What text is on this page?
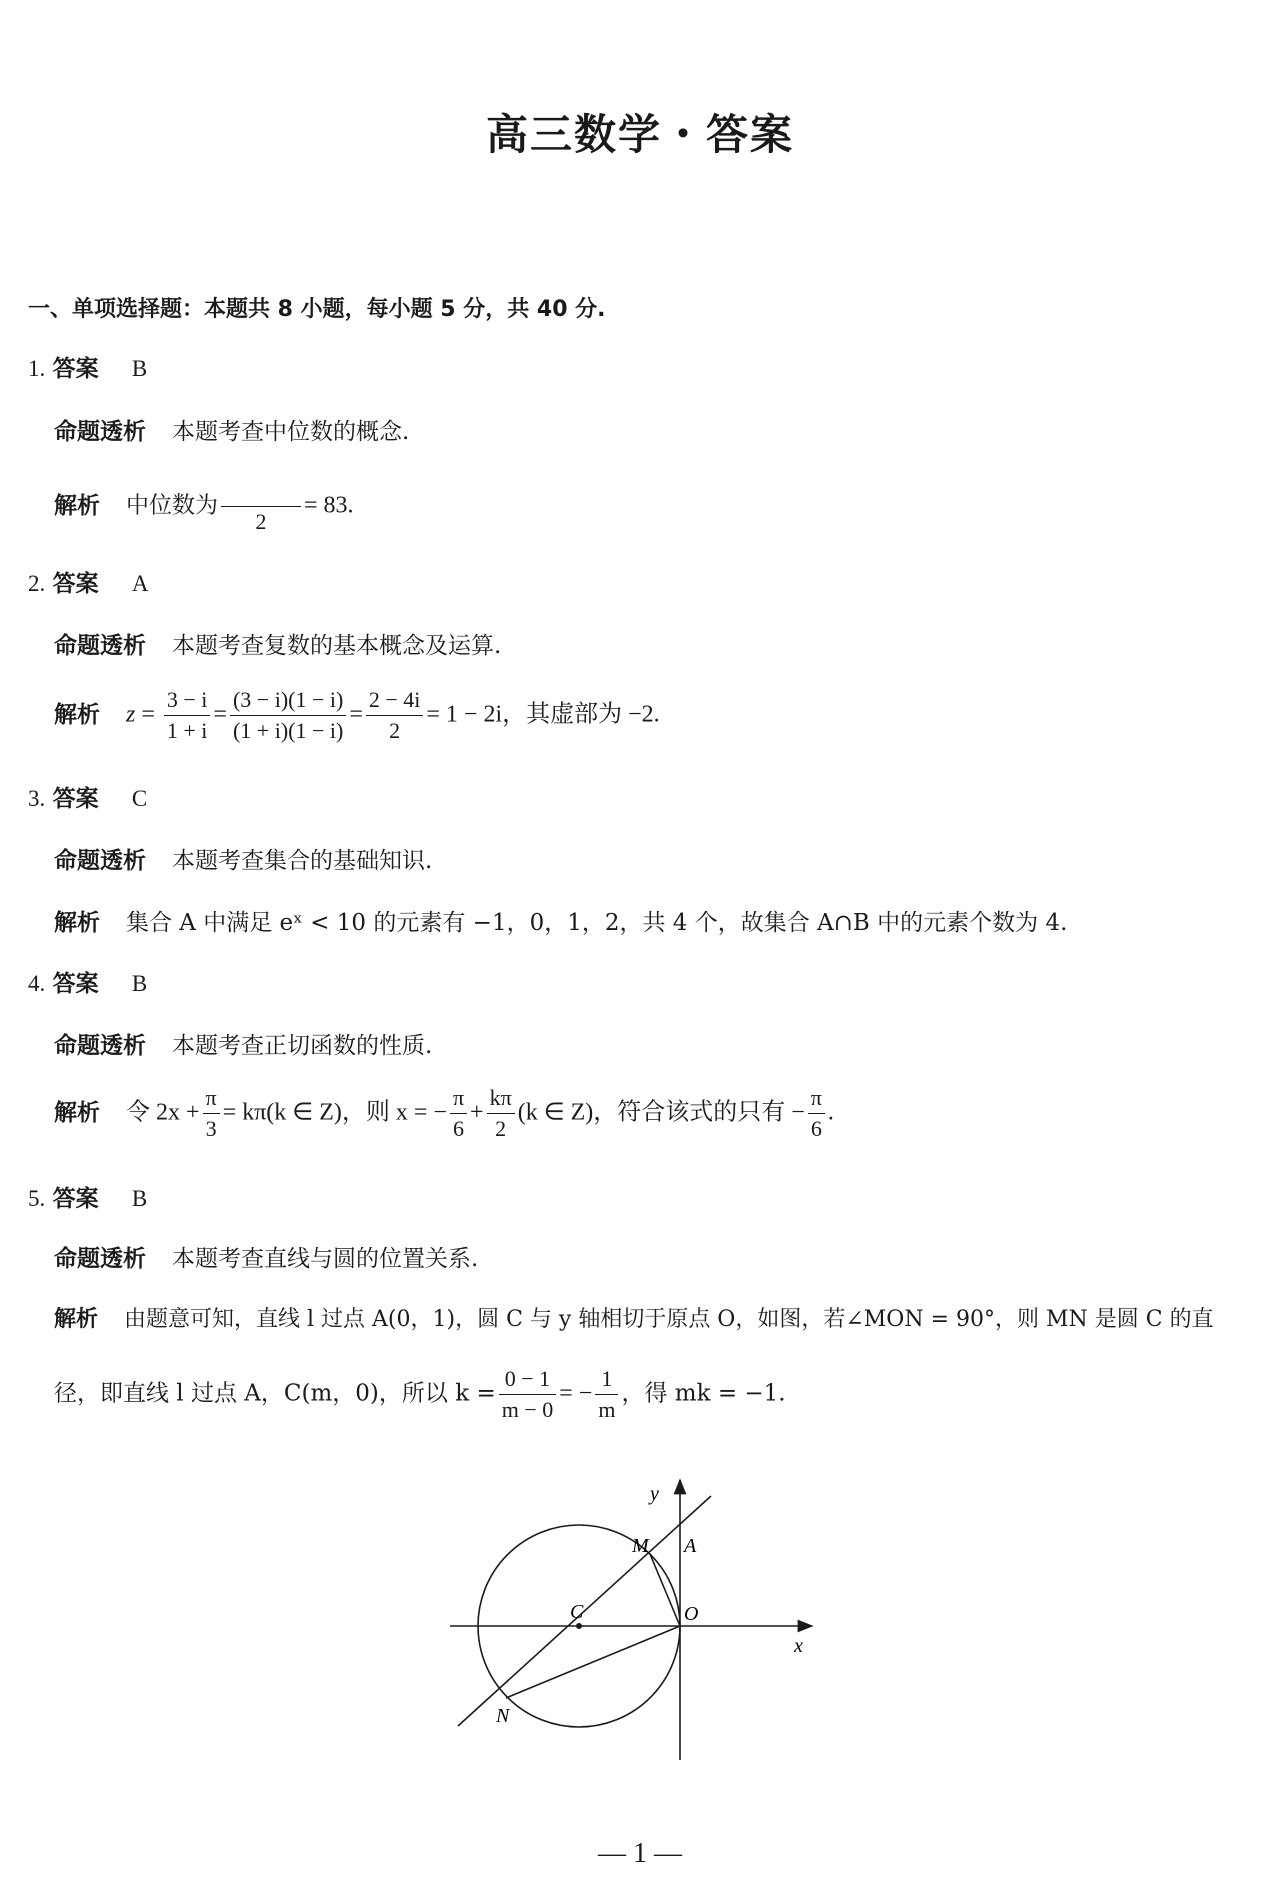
高三数学・答案
一、单项选择题：本题共 8 小题，每小题 5 分，共 40 分.
1. 答案 B
命题透析 本题考查中位数的概念.
解析 中位数为
2
= 83.
2. 答案 A
命题透析 本题考查复数的基本概念及运算.
解析 $z = \frac{3 - i}{1 + i} = \frac{(3 - i)(1 - i)}{(1 + i)(1 - i)} = \frac{2 - 4i}{2} = 1 - 2i$，其虚部为 −2.
3. 答案 C
命题透析 本题考查集合的基础知识.
解析 集合 A 中满足 eˣ < 10 的元素有 −1，0，1，2，共 4 个，故集合 A∩B 中的元素个数为 4.
4. 答案 B
命题透析 本题考查正切函数的性质.
解析 令 $2x + \frac{\pi}{3} = k\pi(k$ ∈ Z)，则 x = − $\frac{\pi}{6} + \frac{k\pi}{2} (k$ ∈ Z)，符合该式的只有 − $\frac{\pi}{6}$ .
5. 答案 B
命题透析 本题考查直线与圆的位置关系.
解析 由题意可知，直线 l 过点 A(0，1)，圆 C 与 y 轴相切于原点 O，如图，若∠MON = 90°，则 MN 是圆 C 的直
径，即直线 l 过点 A，C(m，0)，所以 $k = \frac{0 - 1}{m - 0}$ = − $\frac{1}{m}$ ，得 mk = −1.
y
x
M A
C	O
N
— 1 —
